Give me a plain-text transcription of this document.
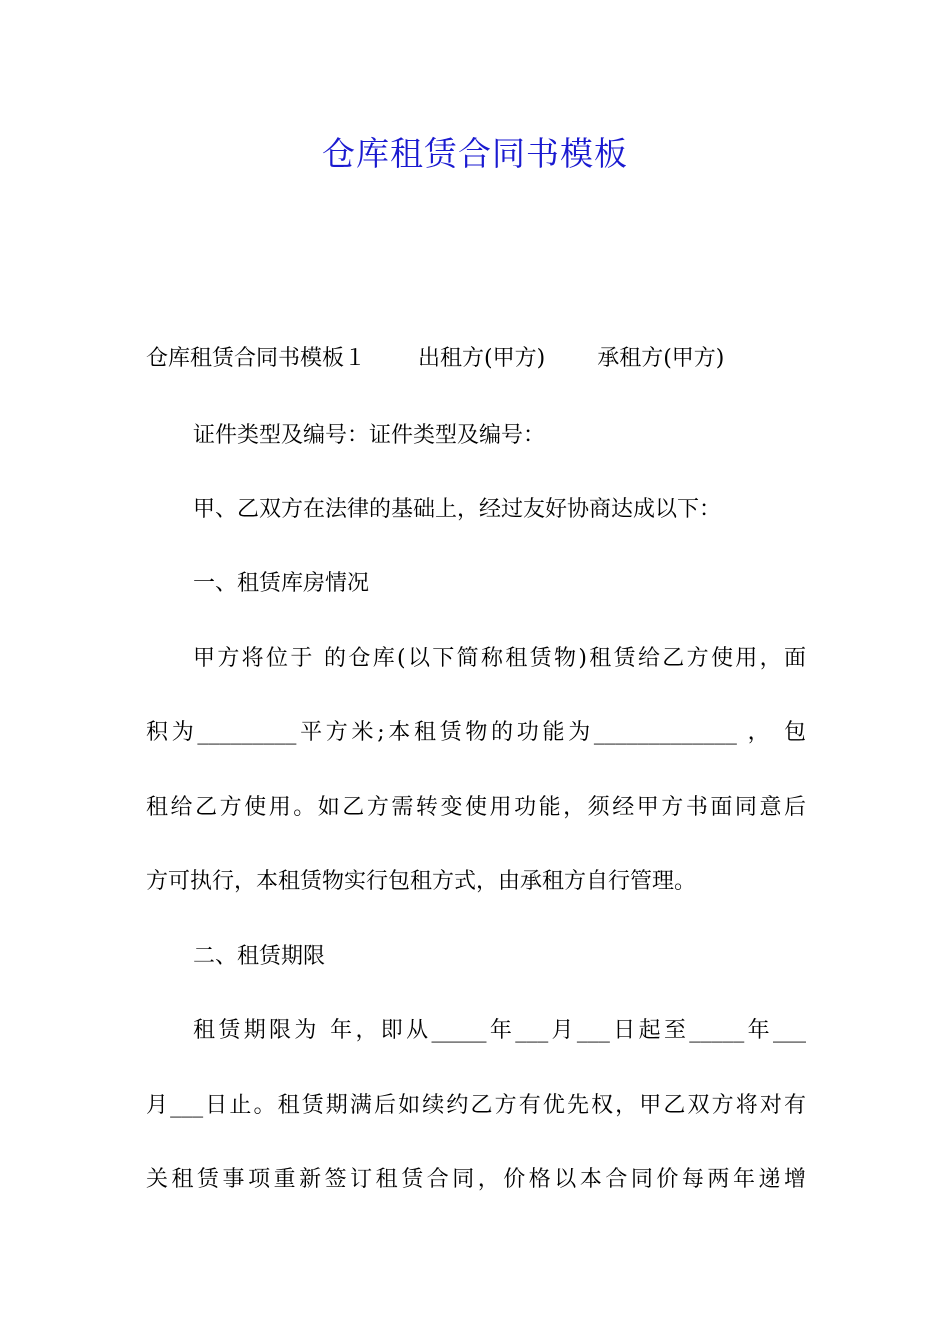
仓库租赁合同书模板
仓库租赁合同书模板１ 出租方(甲方) 承租方(甲方)
证件类型及编号：证件类型及编号：
甲、乙双方在法律的基础上，经过友好协商达成以下：
一、租赁库房情况
甲方将位于 的仓库(以下简称租赁物)租赁给乙方使用，面
积为_________平方米;本租赁物的功能为_____________ ， 包
租给乙方使用。如乙方需转变使用功能，须经甲方书面同意后
方可执行，本租赁物实行包租方式，由承租方自行管理。
二、租赁期限
租赁期限为 年，即从_____年___月___日起至_____年___
月___日止。租赁期满后如续约乙方有优先权，甲乙双方将对有
关租赁事项重新签订租赁合同，价格以本合同价每两年递增
